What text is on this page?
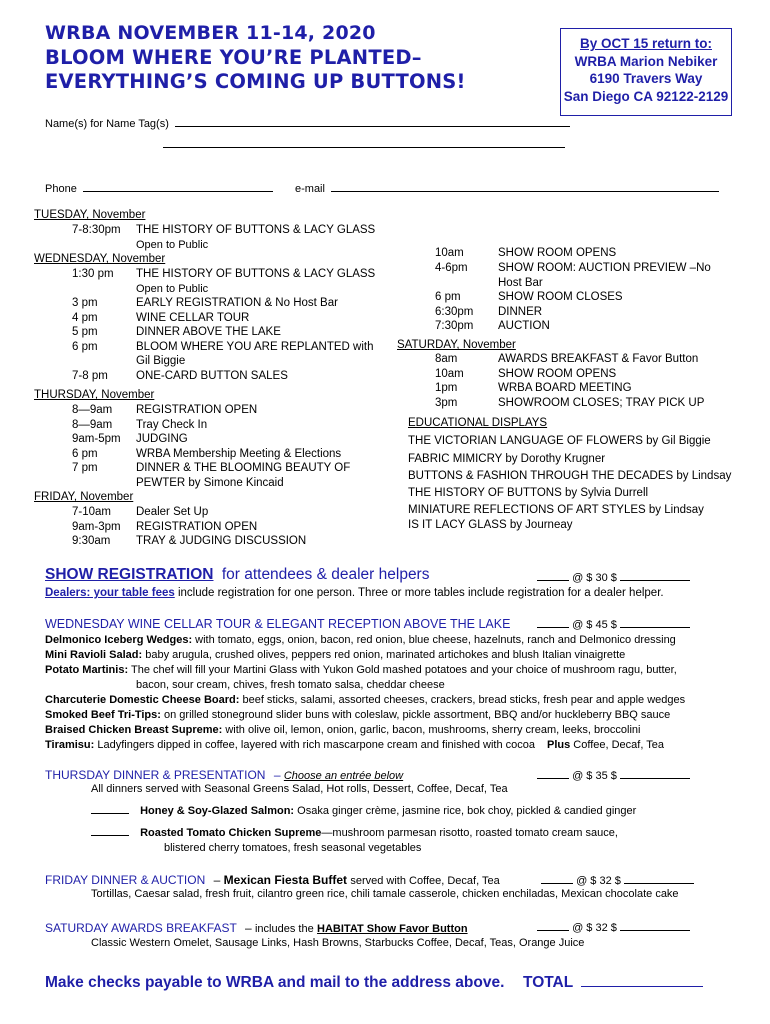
WRBA NOVEMBER 11-14, 2020
BLOOM WHERE YOU’RE PLANTED–
EVERYTHING’S COMING UP BUTTONS!
By OCT 15 return to:
WRBA Marion Nebiker
6190 Travers Way
San Diego CA 92122-2129
Name(s) for Name Tag(s)
Phone	e-mail
TUESDAY, November
7-8:30pm THE HISTORY OF BUTTONS & LACY GLASS
Open to Public
WEDNESDAY, November
1:30 pm THE HISTORY OF BUTTONS & LACY GLASS
Open to Public
3 pm	EARLY REGISTRATION & No Host Bar
4 pm	WINE CELLAR TOUR
5 pm	DINNER ABOVE THE LAKE
6 pm	BLOOM WHERE YOU ARE REPLANTED with
Gil Biggie
7-8 pm ONE-CARD BUTTON SALES
THURSDAY, November
8—9am REGISTRATION OPEN
8—9am Tray Check In
9am-5pm JUDGING
6 pm	WRBA Membership Meeting & Elections
7 pm	DINNER & THE BLOOMING BEAUTY OF
PEWTER by Simone Kincaid
FRIDAY, November
7-10am Dealer Set Up
9am-3pm REGISTRATION OPEN
9:30am TRAY & JUDGING DISCUSSION
10am	SHOW ROOM OPENS
4-6pm	SHOW ROOM: AUCTION PREVIEW –No
Host Bar
6 pm	SHOW ROOM CLOSES
6:30pm DINNER
7:30pm AUCTION
SATURDAY, November
8am	AWARDS BREAKFAST & Favor Button
10am	SHOW ROOM OPENS
1pm	WRBA BOARD MEETING
3pm	SHOWROOM CLOSES; TRAY PICK UP
EDUCATIONAL DISPLAYS
THE VICTORIAN LANGUAGE OF FLOWERS by Gil Biggie
FABRIC MIMICRY by Dorothy Krugner
BUTTONS & FASHION THROUGH THE DECADES by Lindsay
THE HISTORY OF BUTTONS by Sylvia Durrell
MINIATURE REFLECTIONS OF ART STYLES by Lindsay
IS IT LACY GLASS by Journeay
SHOW REGISTRATION for attendees & dealer helpers	@ $ 30 $
Dealers: your table fees include registration for one person. Three or more tables include registration for a dealer helper.
WEDNESDAY WINE CELLAR TOUR & ELEGANT RECEPTION ABOVE THE LAKE	@ $ 45 $
Delmonico Iceberg Wedges: with tomato, eggs, onion, bacon, red onion, blue cheese, hazelnuts, ranch and Delmonico dressing
Mini Ravioli Salad: baby arugula, crushed olives, peppers red onion, marinated artichokes and blush Italian vinaigrette
Potato Martinis: The chef will fill your Martini Glass with Yukon Gold mashed potatoes and your choice of mushroom ragu, butter,
bacon, sour cream, chives, fresh tomato salsa, cheddar cheese
Charcuterie Domestic Cheese Board: beef sticks, salami, assorted cheeses, crackers, bread sticks, fresh pear and apple wedges
Smoked Beef Tri-Tips: on grilled stoneground slider buns with coleslaw, pickle assortment, BBQ and/or huckleberry BBQ sauce
Braised Chicken Breast Supreme: with olive oil, lemon, onion, garlic, bacon, mushrooms, sherry cream, leeks, broccolini
Tiramisu: Ladyfingers dipped in coffee, layered with rich mascarpone cream and finished with cocoa Plus Coffee, Decaf, Tea
THURSDAY DINNER & PRESENTATION – Choose an entrée below	@ $ 35 $
All dinners served with Seasonal Greens Salad, Hot rolls, Dessert, Coffee, Decaf, Tea
Honey & Soy-Glazed Salmon: Osaka ginger crème, jasmine rice, bok choy, pickled & candied ginger
Roasted Tomato Chicken Supreme—mushroom parmesan risotto, roasted tomato cream sauce,
blistered cherry tomatoes, fresh seasonal vegetables
FRIDAY DINNER & AUCTION – Mexican Fiesta Buffet served with Coffee, Decaf, Tea	@ $ 32 $
Tortillas, Caesar salad, fresh fruit, cilantro green rice, chili tamale casserole, chicken enchiladas, Mexican chocolate cake
SATURDAY AWARDS BREAKFAST – includes the HABITAT Show Favor Button	@ $ 32 $
Classic Western Omelet, Sausage Links, Hash Browns, Starbucks Coffee, Decaf, Teas, Orange Juice
Make checks payable to WRBA and mail to the address above. TOTAL
